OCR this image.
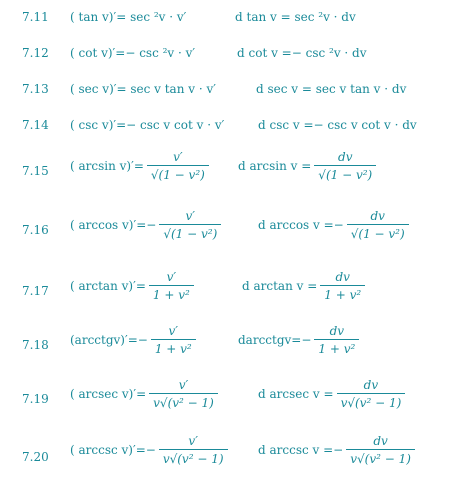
7.11 ( tan v)′= sec ²v · v′	d tan v = sec ²v · dv
7.12 ( cot v)′=− csc ²v · v′	d cot v =− csc ²v · dv
7.13 ( sec v)′= sec v tan v · v′	d sec v = sec v tan v · dv
7.14 ( csc v)′=− csc v cot v · v′	d csc v =− csc v cot v · dv
7.15 ( $\arcsin v)'= \frac{v'}{\text{√(1 − v²)}}$ d $\arcsin v = \frac{dv}{\text{√(1 − v²)}}$
7.16 ( $\arccos v)'=- \frac{v'}{\text{√(1 − v²)}}$	d $\arccos v =- \frac{dv}{\text{√(1 − v²)}}$
7.17 ( $\arctan v)'= \frac{v'}{\text{1 + v²}}$	d $\arctan v = \frac{dv}{\text{1 + v²}}$
7.18 (arcctgv)′=− $\frac{v'}{\text{1 + v²}}$	darcctgv=− $\frac{dv}{\text{1 + v²}}$
7.19 ( arcsec $v)'= \frac{v'}{\text{v√(v² − 1)}}$	d arcsec $v = \frac{dv}{\text{v√(v² − 1)}}$
7.20 ( arccsc $v)'=- \frac{v'}{\text{v√(v² − 1)}}$	d arccsc $v =- \frac{dv}{\text{v√(v² − 1)}}$
